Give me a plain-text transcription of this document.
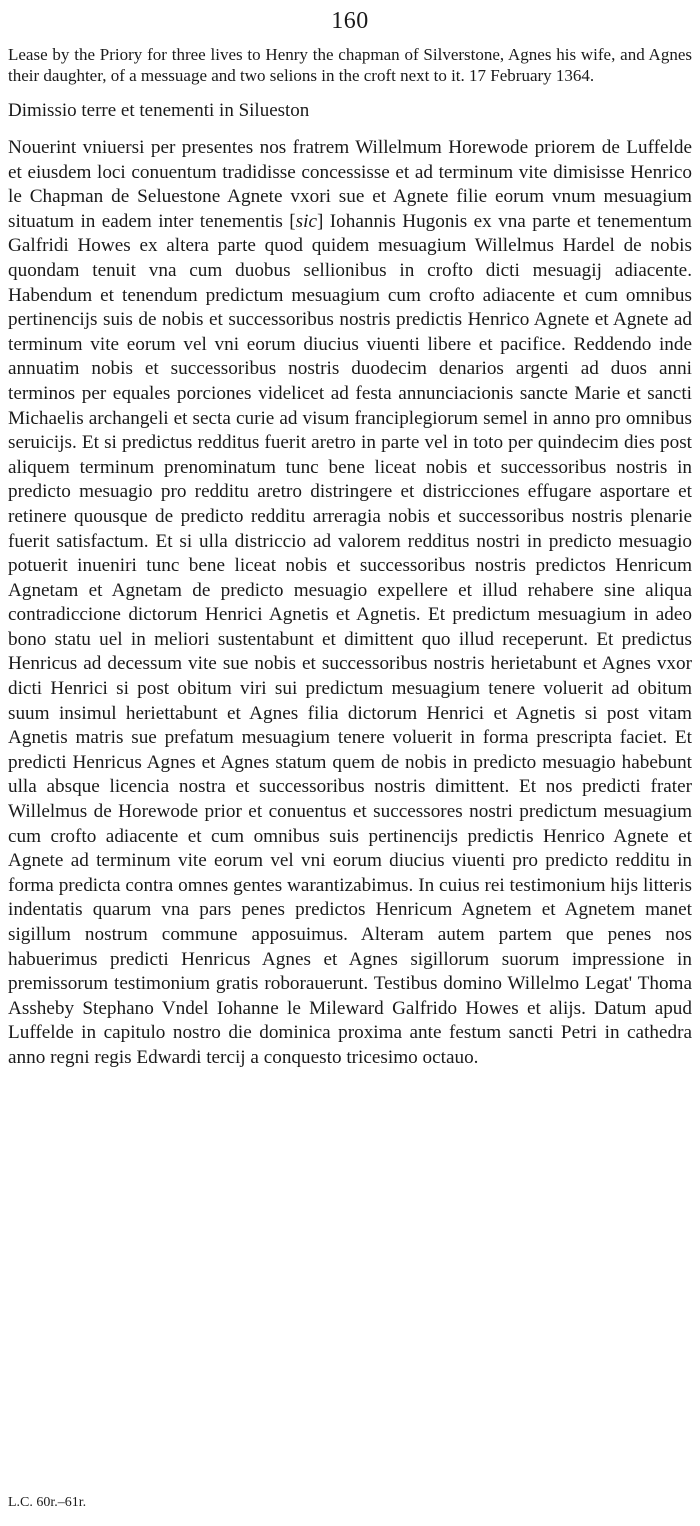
160

Lease by the Priory for three lives to Henry the chapman of Silverstone, Agnes his wife, and Agnes their daughter, of a messuage and two selions in the croft next to it. 17 February 1364.

Dimissio terre et tenementi in Silueston

Nouerint vniuersi per presentes nos fratrem Willelmum Horewode priorem de Luffelde et eiusdem loci conuentum tradidisse concessisse et ad terminum vite dimisisse Henrico le Chapman de Seluestone Agnete vxori sue et Agnete filie eorum vnum mesuagium situatum in eadem inter tenementis [sic] Iohannis Hugonis ex vna parte et tenementum Galfridi Howes ex altera parte quod quidem mesuagium Willelmus Hardel de nobis quondam tenuit vna cum duobus sellionibus in crofto dicti mesuagij adiacente. Habendum et tenendum predictum mesuagium cum crofto adiacente et cum omnibus pertinencijs suis de nobis et successoribus nostris predictis Henrico Agnete et Agnete ad terminum vite eorum vel vni eorum diucius viuenti libere et pacifice. Reddendo inde annuatim nobis et successoribus nostris duodecim denarios argenti ad duos anni terminos per equales porciones videlicet ad festa annunciacionis sancte Marie et sancti Michaelis archangeli et secta curie ad visum franciplegiorum semel in anno pro omnibus seruicijs. Et si predictus redditus fuerit aretro in parte vel in toto per quindecim dies post aliquem terminum prenominatum tunc bene liceat nobis et successoribus nostris in predicto mesuagio pro redditu aretro distringere et districciones effugare asportare et retinere quousque de predicto redditu arreragia nobis et successoribus nostris plenarie fuerit satisfactum. Et si ulla districcio ad valorem redditus nostri in predicto mesuagio potuerit inueniri tunc bene liceat nobis et successoribus nostris predictos Henricum Agnetam et Agnetam de predicto mesuagio expellere et illud rehabere sine aliqua contradiccione dictorum Henrici Agnetis et Agnetis. Et predictum mesuagium in adeo bono statu uel in meliori sustentabunt et dimittent quo illud receperunt. Et predictus Henricus ad decessum vite sue nobis et successoribus nostris herietabunt et Agnes vxor dicti Henrici si post obitum viri sui predictum mesuagium tenere voluerit ad obitum suum insimul heriettabunt et Agnes filia dictorum Henrici et Agnetis si post vitam Agnetis matris sue prefatum mesuagium tenere voluerit in forma prescripta faciet. Et predicti Henricus Agnes et Agnes statum quem de nobis in predicto mesuagio habebunt ulla absque licencia nostra et successoribus nostris dimittent. Et nos predicti frater Willelmus de Horewode prior et conuentus et successores nostri predictum mesuagium cum crofto adiacente et cum omnibus suis pertinencijs predictis Henrico Agnete et Agnete ad terminum vite eorum vel vni eorum diucius viuenti pro predicto redditu in forma predicta contra omnes gentes warantizabimus. In cuius rei testimonium hijs litteris indentatis quarum vna pars penes predictos Henricum Agnetem et Agnetem manet sigillum nostrum commune apposuimus. Alteram autem partem que penes nos habuerimus predicti Henricus Agnes et Agnes sigillorum suorum impressione in premissorum testimonium gratis roborauerunt. Testibus domino Willelmo Legat' Thoma Assheby Stephano Vndel Iohanne le Mileward Galfrido Howes et alijs. Datum apud Luffelde in capitulo nostro die dominica proxima ante festum sancti Petri in cathedra anno regni regis Edwardi tercij a conquesto tricesimo octauo.

L.C. 60r.–61r.
